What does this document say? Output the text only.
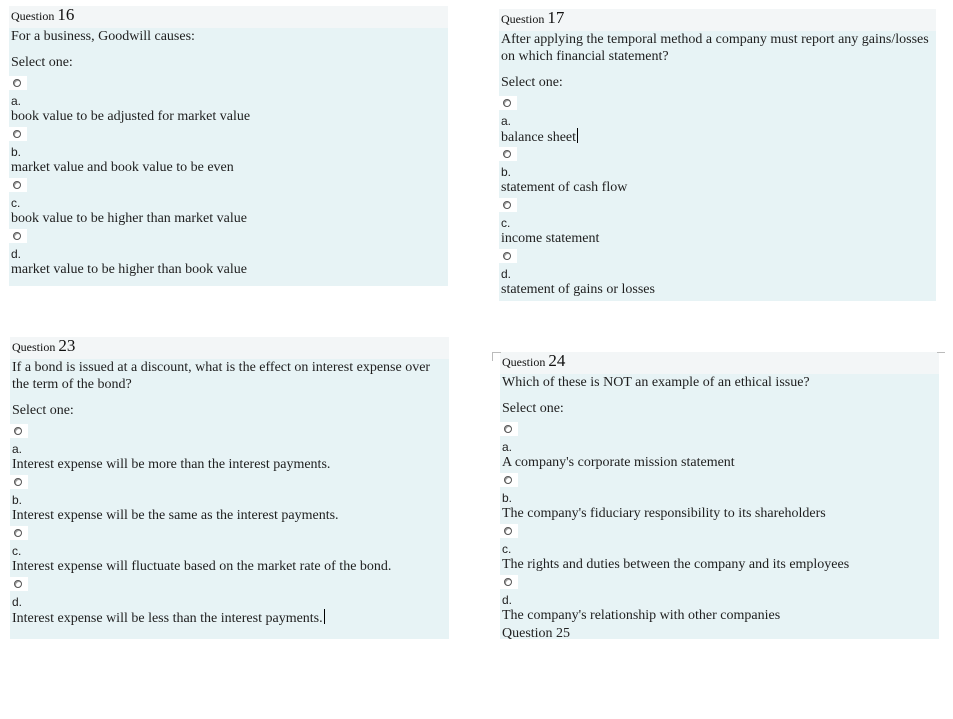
Question 16
For a business, Goodwill causes:
Select one:
a.
book value to be adjusted for market value
b.
market value and book value to be even
c.
book value to be higher than market value
d.
market value to be higher than book value
Question 17
After applying the temporal method a company must report any gains/losses on which financial statement?
Select one:
a.
balance sheet
b.
statement of cash flow
c.
income statement
d.
statement of gains or losses
Question 23
If a bond is issued at a discount, what is the effect on interest expense over the term of the bond?
Select one:
a.
Interest expense will be more than the interest payments.
b.
Interest expense will be the same as the interest payments.
c.
Interest expense will fluctuate based on the market rate of the bond.
d.
Interest expense will be less than the interest payments.
Question 24
Which of these is NOT an example of an ethical issue?
Select one:
a.
A company's corporate mission statement
b.
The company's fiduciary responsibility to its shareholders
c.
The rights and duties between the company and its employees
d.
The company's relationship with other companies
Question 25
